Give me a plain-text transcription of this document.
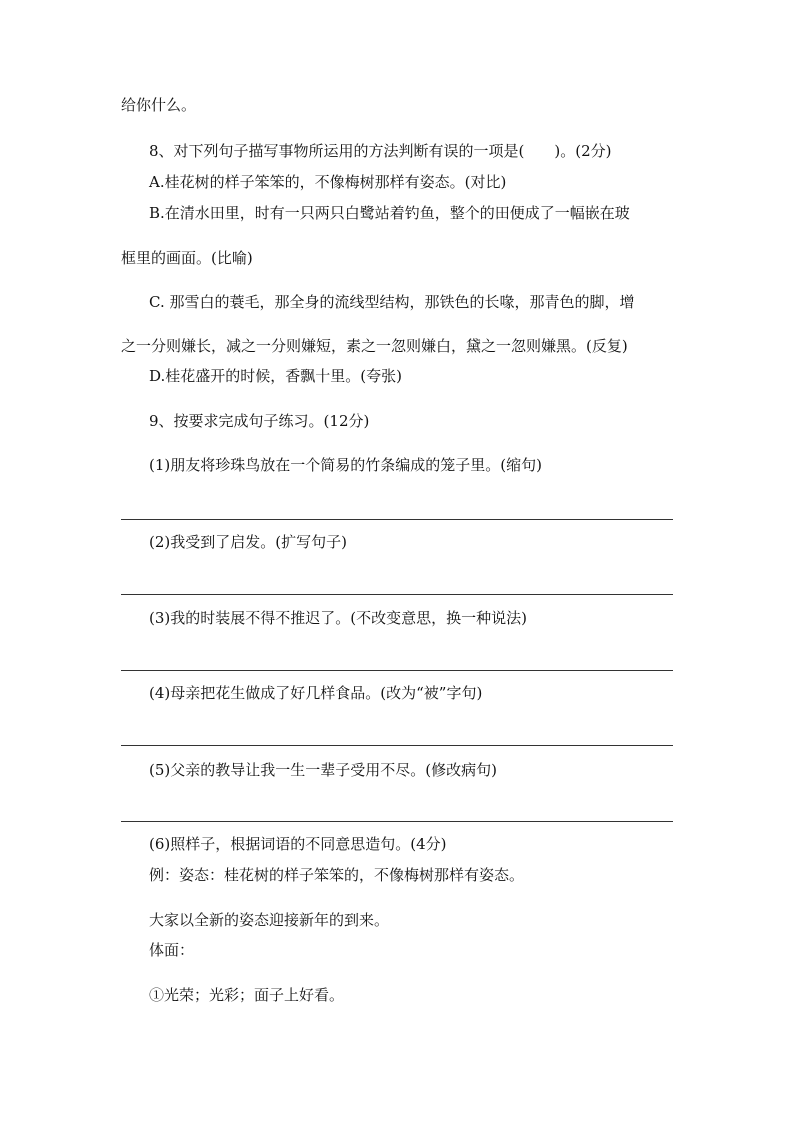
给你什么。
8、对下列句子描写事物所运用的方法判断有误的一项是(　　)。(2分)
A.桂花树的样子笨笨的，不像梅树那样有姿态。(对比)
B.在清水田里，时有一只两只白鹭站着钓鱼，整个的田便成了一幅嵌在玻
框里的画面。(比喻)
C. 那雪白的蓑毛，那全身的流线型结构，那铁色的长喙，那青色的脚，增
之一分则嫌长，减之一分则嫌短，素之一忽则嫌白，黛之一忽则嫌黑。(反复)
D.桂花盛开的时候，香飘十里。(夸张)
9、按要求完成句子练习。(12分)
(1)朋友将珍珠鸟放在一个简易的竹条编成的笼子里。(缩句)
(2)我受到了启发。(扩写句子)
(3)我的时装展不得不推迟了。(不改变意思，换一种说法)
(4)母亲把花生做成了好几样食品。(改为“被”字句)
(5)父亲的教导让我一生一辈子受用不尽。(修改病句)
(6)照样子，根据词语的不同意思造句。(4分)
例：姿态：桂花树的样子笨笨的，不像梅树那样有姿态。
大家以全新的姿态迎接新年的到来。
体面：
①光荣；光彩；面子上好看。
